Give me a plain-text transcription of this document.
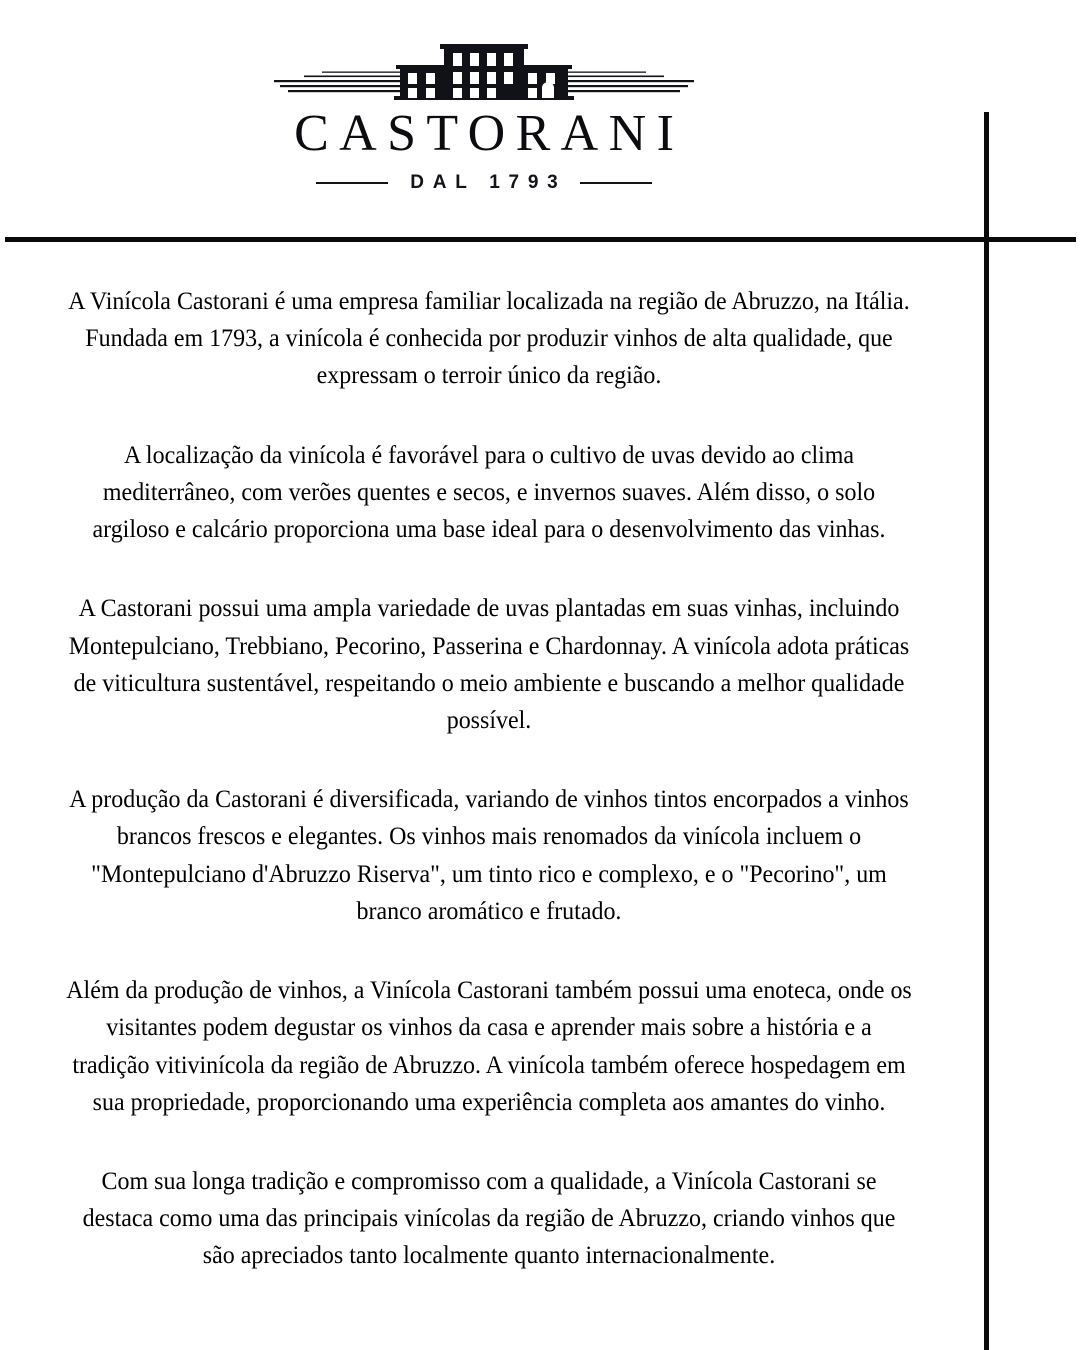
CASTORANI
DAL 1793

A Vinícola Castorani é uma empresa familiar localizada na região de Abruzzo, na Itália. Fundada em 1793, a vinícola é conhecida por produzir vinhos de alta qualidade, que expressam o terroir único da região.

A localização da vinícola é favorável para o cultivo de uvas devido ao clima mediterrâneo, com verões quentes e secos, e invernos suaves. Além disso, o solo argiloso e calcário proporciona uma base ideal para o desenvolvimento das vinhas.

A Castorani possui uma ampla variedade de uvas plantadas em suas vinhas, incluindo Montepulciano, Trebbiano, Pecorino, Passerina e Chardonnay. A vinícola adota práticas de viticultura sustentável, respeitando o meio ambiente e buscando a melhor qualidade possível.

A produção da Castorani é diversificada, variando de vinhos tintos encorpados a vinhos brancos frescos e elegantes. Os vinhos mais renomados da vinícola incluem o "Montepulciano d'Abruzzo Riserva", um tinto rico e complexo, e o "Pecorino", um branco aromático e frutado.

Além da produção de vinhos, a Vinícola Castorani também possui uma enoteca, onde os visitantes podem degustar os vinhos da casa e aprender mais sobre a história e a tradição vitivinícola da região de Abruzzo. A vinícola também oferece hospedagem em sua propriedade, proporcionando uma experiência completa aos amantes do vinho.

Com sua longa tradição e compromisso com a qualidade, a Vinícola Castorani se destaca como uma das principais vinícolas da região de Abruzzo, criando vinhos que são apreciados tanto localmente quanto internacionalmente.
